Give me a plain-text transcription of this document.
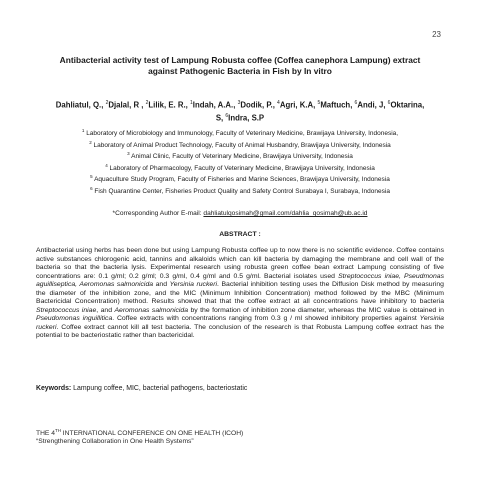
23
Antibacterial activity test of Lampung Robusta coffee (Coffea canephora Lampung) extract
against Pathogenic Bacteria in Fish by In vitro
Dahliatul, Q., $^2$Djalal, R , $^2$Lilik, E. R., $^1$Indah, A.A., $^3$Dodik, P., $^4$Agri, K.A, $^5$Maftuch, $^6$Andi, J, $^6$Oktarina,
S, $^6$Indra, S.P
$^1$ Laboratory of Microbiology and Immunology, Faculty of Veterinary Medicine, Brawijaya University, Indonesia,
$^2$ Laboratory of Animal Product Technology, Faculty of Animal Husbandry, Brawijaya University, Indonesia
$^3$ Animal Clinic, Faculty of Veterinary Medicine, Brawijaya University, Indonesia
$^4$ Laboratory of Pharmacology, Faculty of Veterinary Medicine, Brawijaya University, Indonesia
$^5$ Aquaculture Study Program, Faculty of Fisheries and Marine Sciences, Brawijaya University, Indonesia
$^6$ Fish Quarantine Center, Fisheries Product Quality and Safety Control Surabaya I, Surabaya, Indonesia
*Corresponding Author E-mail: dahliatulqosimah@gmail.com/dahlia_qosimah@ub.ac.id
ABSTRACT :
Antibacterial using herbs has been done but using Lampung Robusta coffee up to now there is no scientific evidence. Coffee contains active substances chlorogenic acid, tannins and alkaloids which can kill bacteria by damaging the membrane and cell wall of the bacteria so that the bacteria lysis. Experimental research using robusta green coffee bean extract Lampung consisting of five concentrations are: 0.1 g/ml; 0.2 g/ml; 0.3 g/ml, 0.4 g/ml and 0.5 g/ml. Bacterial isolates used Streptococcus iniae, Pseudmonas aguilliseptica, Aeromonas salmonicida and Yersinia ruckeri. Bacterial inhibition testing uses the Diffusion Disk method by measuring the diameter of the inhibition zone, and the MIC (Minimum Inhibition Concentration) method followed by the MBC (Minimum Bactericidal Concentration) method. Results showed that that the coffee extract at all concentrations have inhibitory to bacteria Streptococcus iniae, and Aeromonas salmonicida by the formation of inhibition zone diameter, whereas the MIC value is obtained in Pseudomonas inguillitica. Coffee extracts with concentrations ranging from 0.3 g / ml showed inhibitory properties against Yersinia ruckeri. Coffee extract cannot kill all test bacteria. The conclusion of the research is that Robusta Lampung coffee extract has the potential to be bacteriostatic rather than bactericidal.
Keywords: Lampung coffee, MIC, bacterial pathogens, bacteriostatic
THE 4TH INTERNATIONAL CONFERENCE ON ONE HEALTH (ICOH)
“Strengthening Collaboration in One Health Systems”
